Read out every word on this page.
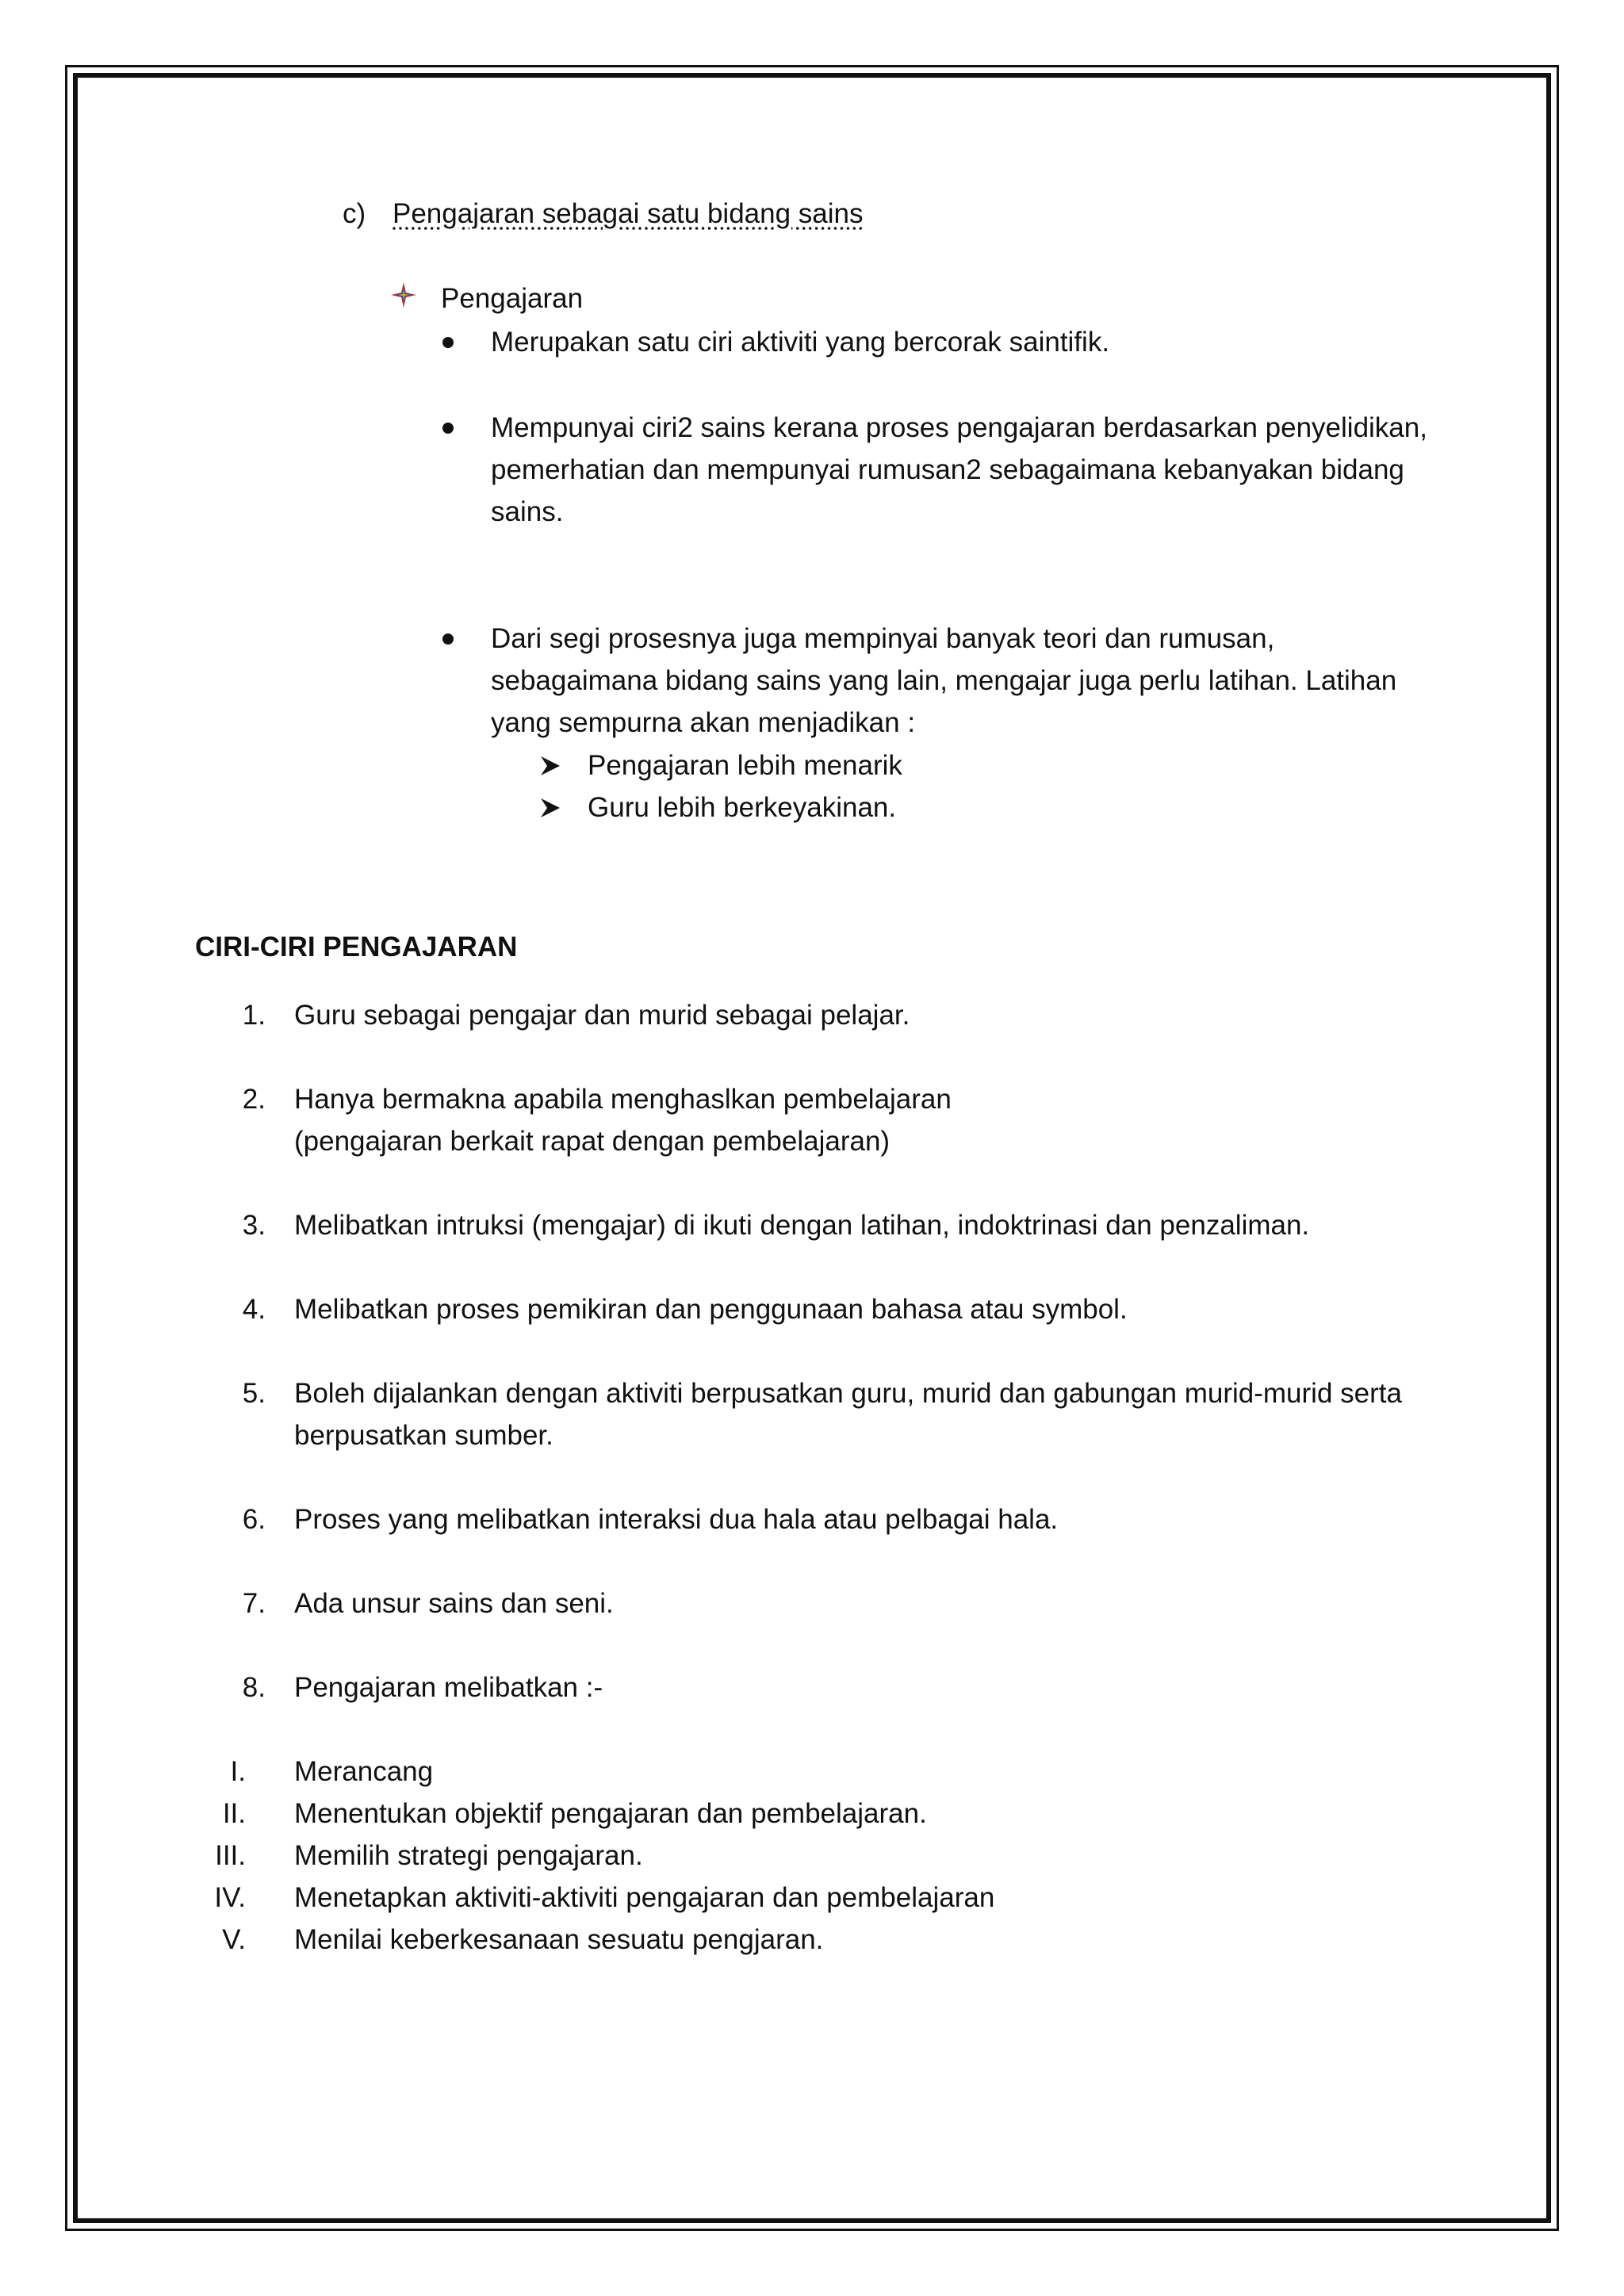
c) Pengajaran sebagai satu bidang sains
Pengajaran
Merupakan satu ciri aktiviti yang bercorak saintifik.
Mempunyai ciri2 sains kerana proses pengajaran berdasarkan penyelidikan,
pemerhatian dan mempunyai rumusan2 sebagaimana kebanyakan bidang
sains.
Dari segi prosesnya juga mempinyai banyak teori dan rumusan,
sebagaimana bidang sains yang lain, mengajar juga perlu latihan. Latihan
yang sempurna akan menjadikan :
Pengajaran lebih menarik
Guru lebih berkeyakinan.
CIRI-CIRI PENGAJARAN
1. Guru sebagai pengajar dan murid sebagai pelajar.
2. Hanya bermakna apabila menghaslkan pembelajaran
(pengajaran berkait rapat dengan pembelajaran)
3. Melibatkan intruksi (mengajar) di ikuti dengan latihan, indoktrinasi dan penzaliman.
4. Melibatkan proses pemikiran dan penggunaan bahasa atau symbol.
5. Boleh dijalankan dengan aktiviti berpusatkan guru, murid dan gabungan murid-murid serta
berpusatkan sumber.
6. Proses yang melibatkan interaksi dua hala atau pelbagai hala.
7. Ada unsur sains dan seni.
8. Pengajaran melibatkan :-
I. Merancang
II. Menentukan objektif pengajaran dan pembelajaran.
III. Memilih strategi pengajaran.
IV. Menetapkan aktiviti-aktiviti pengajaran dan pembelajaran
V. Menilai keberkesanaan sesuatu pengjaran.
